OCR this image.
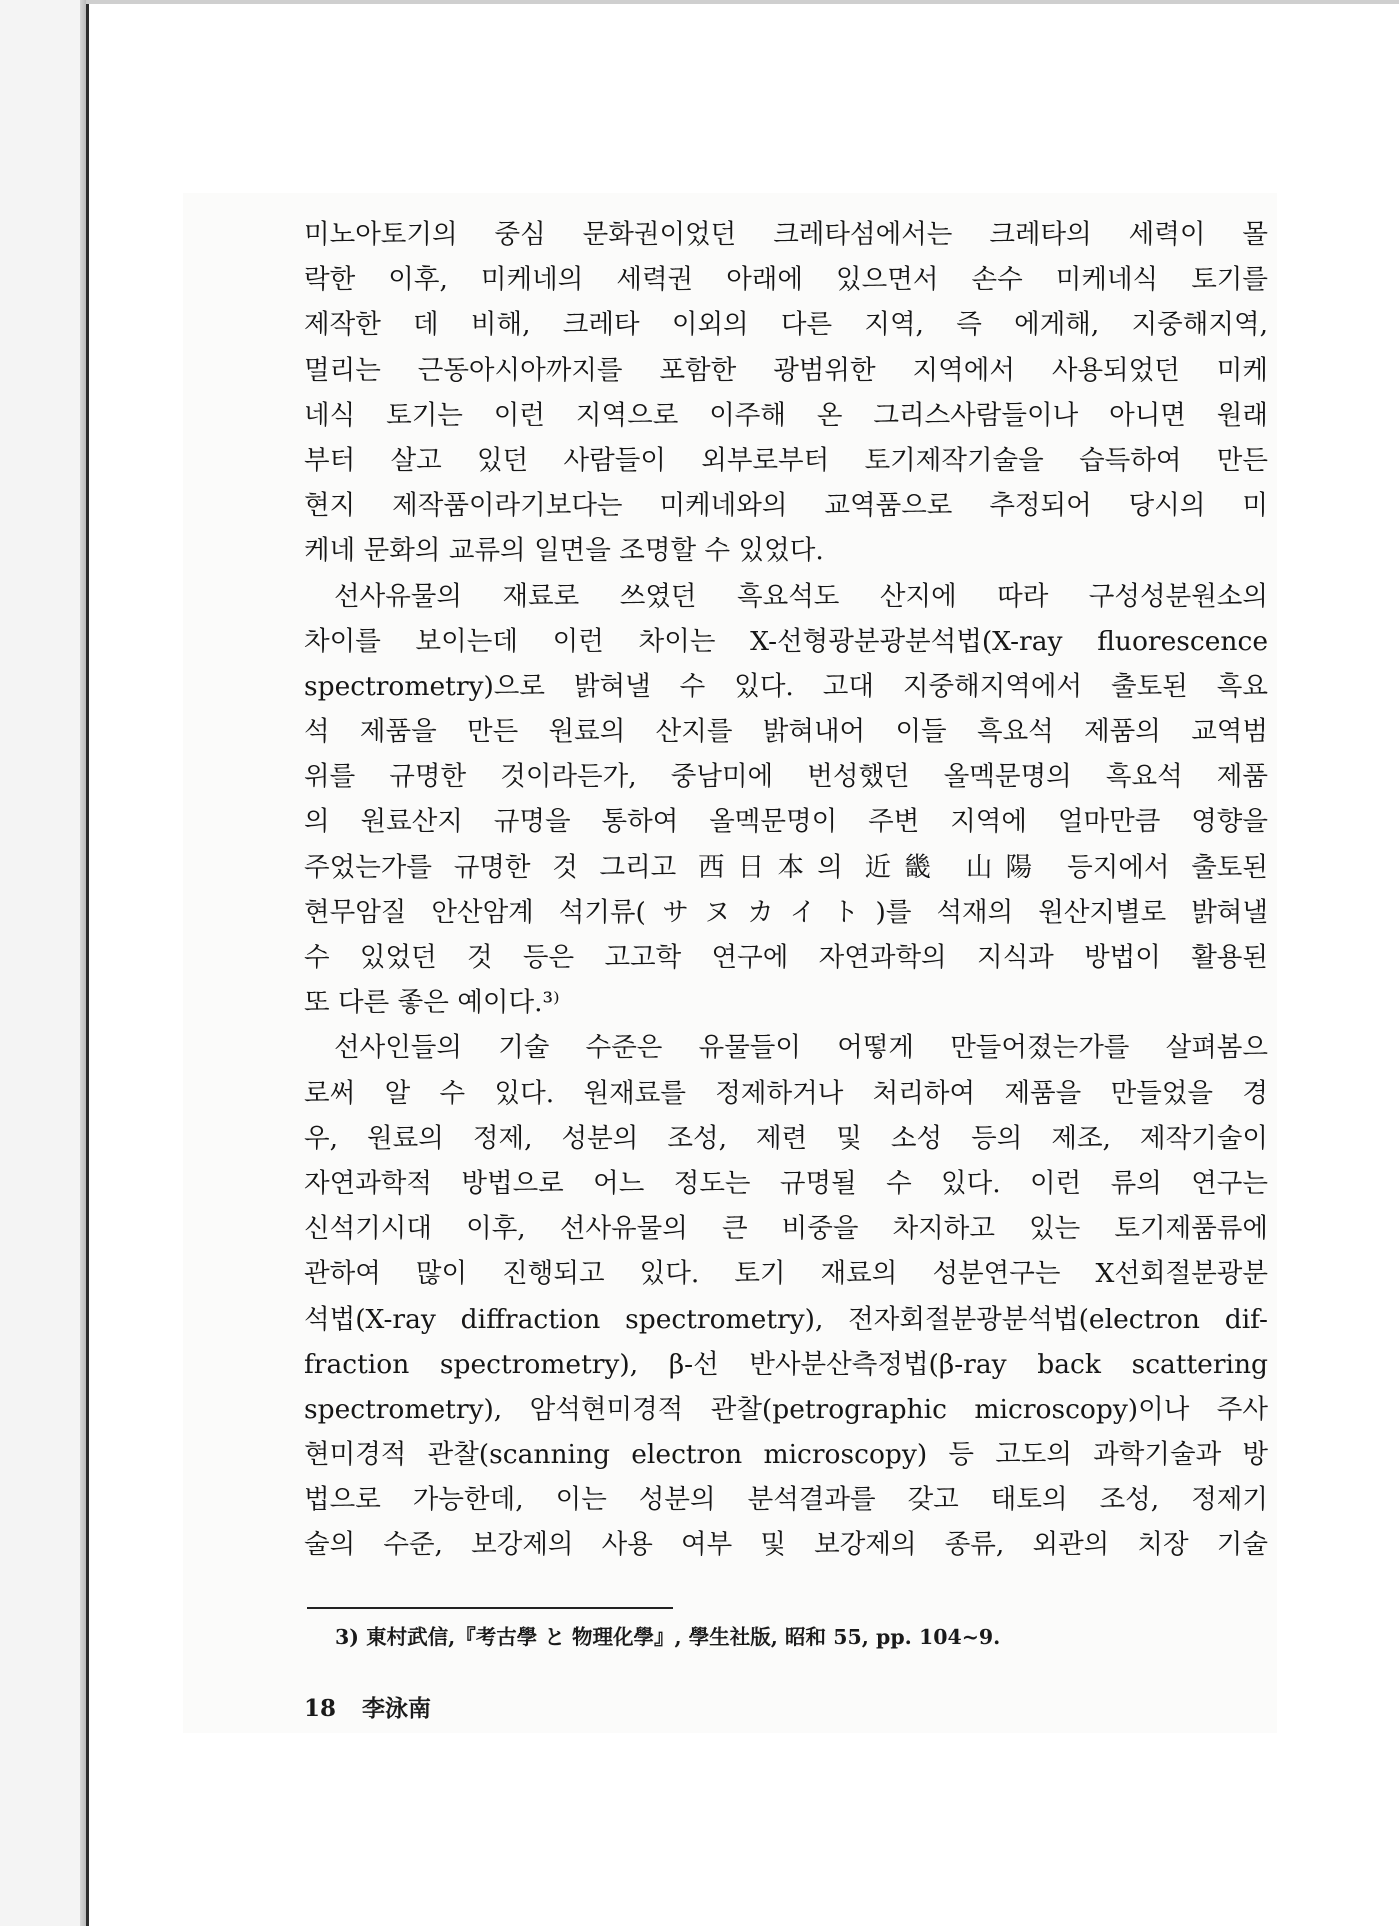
미노아토기의 중심 문화권이었던 크레타섬에서는 크레타의 세력이 몰
락한 이후, 미케네의 세력권 아래에 있으면서 손수 미케네식 토기를
제작한 데 비해, 크레타 이외의 다른 지역, 즉 에게해, 지중해지역,
멀리는 근동아시아까지를 포함한 광범위한 지역에서 사용되었던 미케
네식 토기는 이런 지역으로 이주해 온 그리스사람들이나 아니면 원래
부터 살고 있던 사람들이 외부로부터 토기제작기술을 습득하여 만든
현지 제작품이라기보다는 미케네와의 교역품으로 추정되어 당시의 미
케네 문화의 교류의 일면을 조명할 수 있었다.
선사유물의 재료로 쓰였던 흑요석도 산지에 따라 구성성분원소의
차이를 보이는데 이런 차이는 X-선형광분광분석법(X-ray fluorescence
spectrometry)으로 밝혀낼 수 있다. 고대 지중해지역에서 출토된 흑요
석 제품을 만든 원료의 산지를 밝혀내어 이들 흑요석 제품의 교역범
위를 규명한 것이라든가, 중남미에 번성했던 올멕문명의 흑요석 제품
의 원료산지 규명을 통하여 올멕문명이 주변 지역에 얼마만큼 영향을
주었는가를 규명한 것 그리고 西日本의 近畿 山陽 등지에서 출토된
현무암질 안산암계 석기류(サヌカイト)를 석재의 원산지별로 밝혀낼
수 있었던 것 등은 고고학 연구에 자연과학의 지식과 방법이 활용된
또 다른 좋은 예이다.³⁾
선사인들의 기술 수준은 유물들이 어떻게 만들어졌는가를 살펴봄으
로써 알 수 있다. 원재료를 정제하거나 처리하여 제품을 만들었을 경
우, 원료의 정제, 성분의 조성, 제련 및 소성 등의 제조, 제작기술이
자연과학적 방법으로 어느 정도는 규명될 수 있다. 이런 류의 연구는
신석기시대 이후, 선사유물의 큰 비중을 차지하고 있는 토기제품류에
관하여 많이 진행되고 있다. 토기 재료의 성분연구는 X선회절분광분
석법(X-ray diffraction spectrometry), 전자회절분광분석법(electron dif-
fraction spectrometry), β-선 반사분산측정법(β-ray back scattering
spectrometry), 암석현미경적 관찰(petrographic microscopy)이나 주사
현미경적 관찰(scanning electron microscopy) 등 고도의 과학기술과 방
법으로 가능한데, 이는 성분의 분석결과를 갖고 태토의 조성, 정제기
술의 수준, 보강제의 사용 여부 및 보강제의 종류, 외관의 치장 기술
3) 東村武信,『考古學 と 物理化學』, 學生社版, 昭和 55, pp. 104~9.
18 李泳南
